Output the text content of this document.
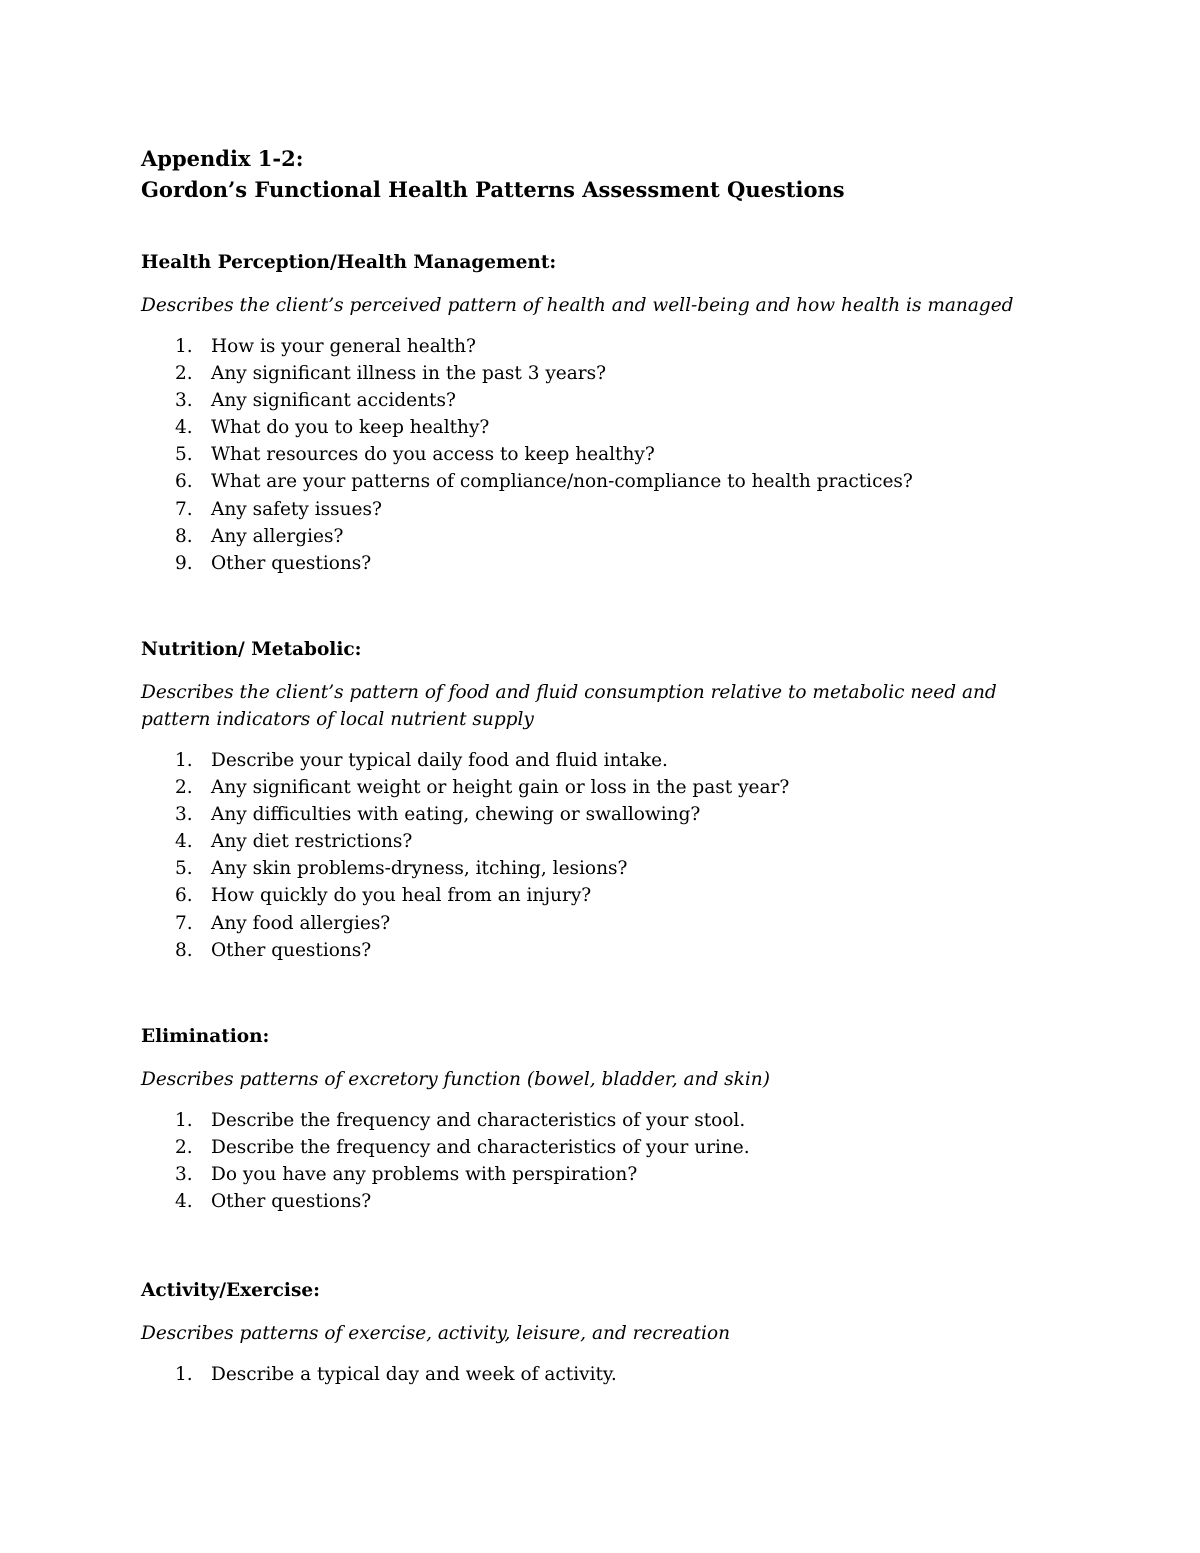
Appendix 1-2:
Gordon’s Functional Health Patterns Assessment Questions

Health Perception/Health Management:

Describes the client’s perceived pattern of health and well-being and how health is managed

1. How is your general health?
2. Any significant illness in the past 3 years?
3. Any significant accidents?
4. What do you to keep healthy?
5. What resources do you access to keep healthy?
6. What are your patterns of compliance/non-compliance to health practices?
7. Any safety issues?
8. Any allergies?
9. Other questions?

Nutrition/ Metabolic:

Describes the client’s pattern of food and fluid consumption relative to metabolic need and pattern indicators of local nutrient supply

1. Describe your typical daily food and fluid intake.
2. Any significant weight or height gain or loss in the past year?
3. Any difficulties with eating, chewing or swallowing?
4. Any diet restrictions?
5. Any skin problems-dryness, itching, lesions?
6. How quickly do you heal from an injury?
7. Any food allergies?
8. Other questions?

Elimination:

Describes patterns of excretory function (bowel, bladder, and skin)

1. Describe the frequency and characteristics of your stool.
2. Describe the frequency and characteristics of your urine.
3. Do you have any problems with perspiration?
4. Other questions?

Activity/Exercise:

Describes patterns of exercise, activity, leisure, and recreation

1. Describe a typical day and week of activity.
